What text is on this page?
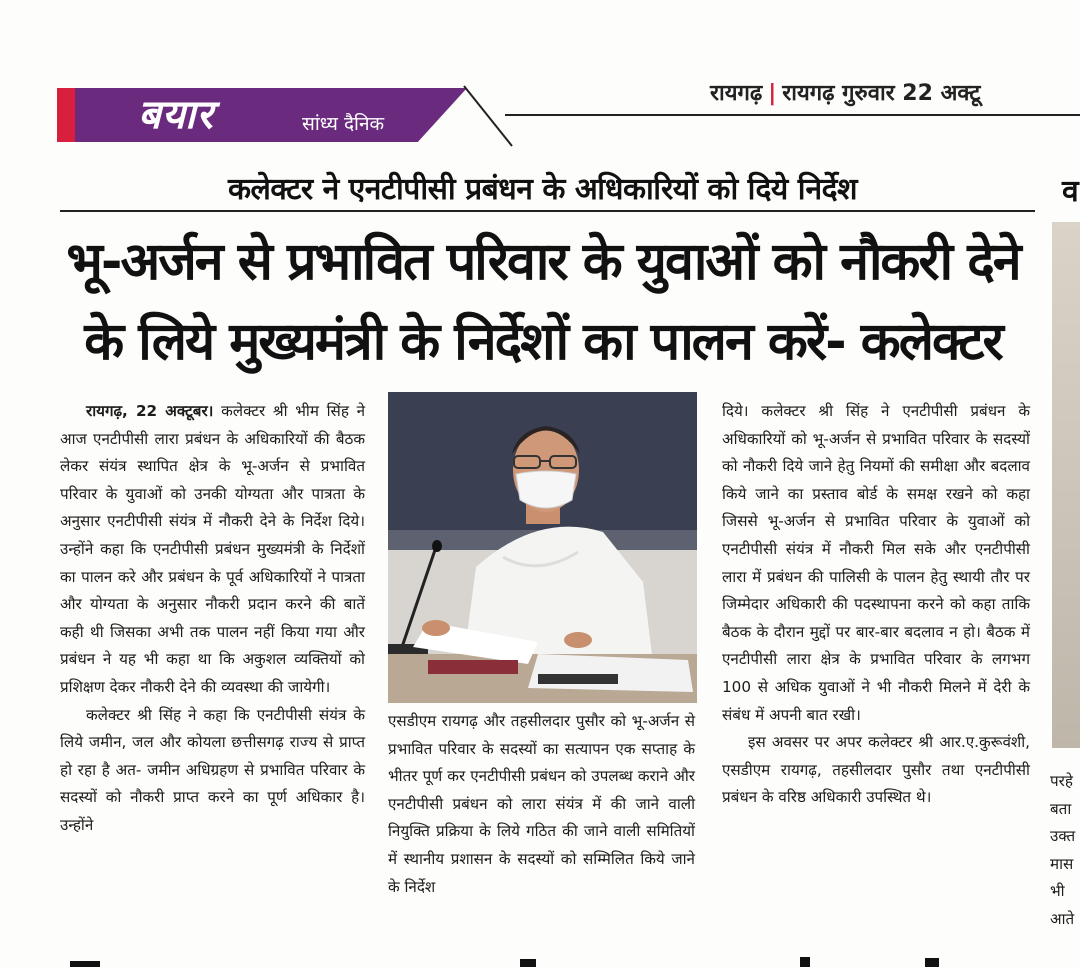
बयार	सांध्य दैनिक
रायगढ़ | रायगढ़ गुरुवार 22 अक्टू
कलेक्टर ने एनटीपीसी प्रबंधन के अधिकारियों को दिये निर्देश
भू-अर्जन से प्रभावित परिवार के युवाओं को नौकरी देने
के लिये मुख्यमंत्री के निर्देशों का पालन करें- कलेक्टर

रायगढ़, 22 अक्टूबर। कलेक्टर श्री भीम सिंह ने आज एनटीपीसी लारा प्रबंधन के अधिकारियों की बैठक लेकर संयंत्र स्थापित क्षेत्र के भू-अर्जन से प्रभावित परिवार के युवाओं को उनकी योग्यता और पात्रता के अनुसार एनटीपीसी संयंत्र में नौकरी देने के निर्देश दिये। उन्होंने कहा कि एनटीपीसी प्रबंधन मुख्यमंत्री के निर्देशों का पालन करे और प्रबंधन के पूर्व अधिकारियों ने पात्रता और योग्यता के अनुसार नौकरी प्रदान करने की बातें कही थी जिसका अभी तक पालन नहीं किया गया और प्रबंधन ने यह भी कहा था कि अकुशल व्यक्तियों को प्रशिक्षण देकर नौकरी देने की व्यवस्था की जायेगी।

कलेक्टर श्री सिंह ने कहा कि एनटीपीसी संयंत्र के लिये जमीन, जल और कोयला छत्तीसगढ़ राज्य से प्राप्त हो रहा है अत- जमीन अधिग्रहण से प्रभावित परिवार के सदस्यों को नौकरी प्राप्त करने का पूर्ण अधिकार है। उन्होंने

एसडीएम रायगढ़ और तहसीलदार पुसौर को भू-अर्जन से प्रभावित परिवार के सदस्यों का सत्यापन एक सप्ताह के भीतर पूर्ण कर एनटीपीसी प्रबंधन को उपलब्ध कराने और एनटीपीसी प्रबंधन को लारा संयंत्र में की जाने वाली नियुक्ति प्रक्रिया के लिये गठित की जाने वाली समितियों में स्थानीय प्रशासन के सदस्यों को सम्मिलित किये जाने के निर्देश

दिये। कलेक्टर श्री सिंह ने एनटीपीसी प्रबंधन के अधिकारियों को भू-अर्जन से प्रभावित परिवार के सदस्यों को नौकरी दिये जाने हेतु नियमों की समीक्षा और बदलाव किये जाने का प्रस्ताव बोर्ड के समक्ष रखने को कहा जिससे भू-अर्जन से प्रभावित परिवार के युवाओं को एनटीपीसी संयंत्र में नौकरी मिल सके और एनटीपीसी लारा में प्रबंधन की पालिसी के पालन हेतु स्थायी तौर पर जिम्मेदार अधिकारी की पदस्थापना करने को कहा ताकि बैठक के दौरान मुद्दों पर बार-बार बदलाव न हो। बैठक में एनटीपीसी लारा क्षेत्र के प्रभावित परिवार के लगभग 100 से अधिक युवाओं ने भी नौकरी मिलने में देरी के संबंध में अपनी बात रखी।

इस अवसर पर अपर कलेक्टर श्री आर.ए.कुरूवंशी, एसडीएम रायगढ़, तहसीलदार पुसौर तथा एनटीपीसी प्रबंधन के वरिष्ठ अधिकारी उपस्थित थे।

व
परहे
बता
उक्त
मास
भी
आते
